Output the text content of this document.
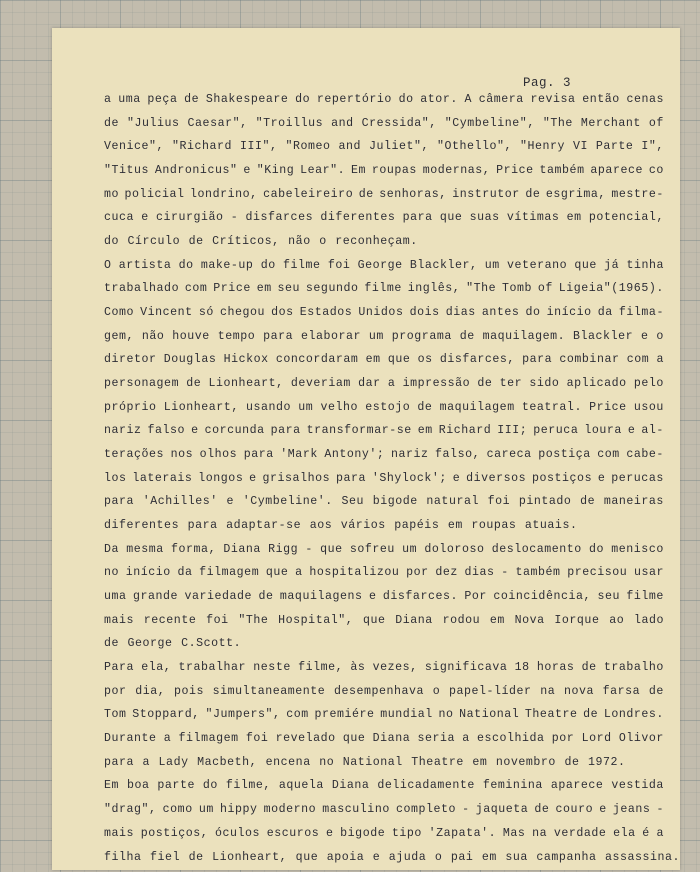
Pag. 3
a uma peça de Shakespeare do repertório do ator. A câmera revisa então cenas
de "Julius Caesar", "Troillus and Cressida", "Cymbeline", "The Merchant of
Venice", "Richard III", "Romeo and Juliet", "Othello", "Henry VI Parte I",
"Titus Andronicus" e "King Lear". Em roupas modernas, Price também aparece co
mo policial londrino, cabeleireiro de senhoras, instrutor de esgrima, mestre-
cuca e cirurgião - disfarces diferentes para que suas vítimas em potencial,
do Círculo de Críticos, não o reconheçam.
O artista do make-up do filme foi George Blackler, um veterano que já tinha
trabalhado com Price em seu segundo filme inglês, "The Tomb of Ligeia"(1965).
Como Vincent só chegou dos Estados Unidos dois dias antes do início da filma-
gem, não houve tempo para elaborar um programa de maquilagem. Blackler e o
diretor Douglas Hickox concordaram em que os disfarces, para combinar com a
personagem de Lionheart, deveriam dar a impressão de ter sido aplicado pelo
próprio Lionheart, usando um velho estojo de maquilagem teatral. Price usou
nariz falso e corcunda para transformar-se em Richard III; peruca loura e al-
terações nos olhos para 'Mark Antony'; nariz falso, careca postiça com cabe-
los laterais longos e grisalhos para 'Shylock'; e diversos postiços e perucas
para 'Achilles' e 'Cymbeline'. Seu bigode natural foi pintado de maneiras
diferentes para adaptar-se aos vários papéis em roupas atuais.
Da mesma forma, Diana Rigg - que sofreu um doloroso deslocamento do menisco
no início da filmagem que a hospitalizou por dez dias - também precisou usar
uma grande variedade de maquilagens e disfarces. Por coincidência, seu filme
mais recente foi "The Hospital", que Diana rodou em Nova Iorque ao lado
de George C.Scott.
Para ela, trabalhar neste filme, às vezes, significava 18 horas de trabalho
por dia, pois simultaneamente desempenhava o papel-líder na nova farsa de
Tom Stoppard, "Jumpers", com premiére mundial no National Theatre de Londres.
Durante a filmagem foi revelado que Diana seria a escolhida por Lord Olivor
para a Lady Macbeth, encena no National Theatre em novembro de 1972.
Em boa parte do filme, aquela Diana delicadamente feminina aparece vestida
"drag", como um hippy moderno masculino completo - jaqueta de couro e jeans -
mais postiços, óculos escuros e bigode tipo 'Zapata'. Mas na verdade ela é a
filha fiel de Lionheart, que apoia e ajuda o pai em sua campanha assassina.
